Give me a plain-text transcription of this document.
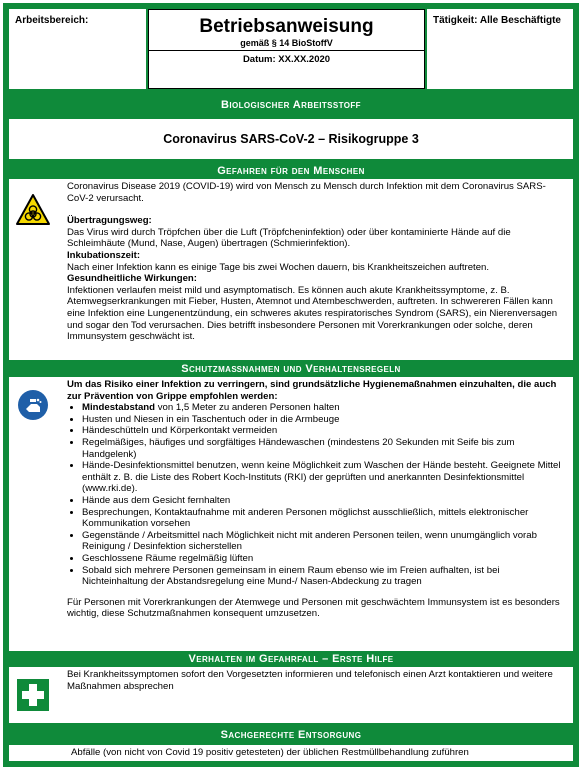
Arbeitsbereich:	Betriebsanweisung
gemäß § 14 BioStoffV
Datum: XX.XX.2020
Tätigkeit: Alle Beschäftigte
Biologischer Arbeitsstoff
Coronavirus SARS-CoV-2 – Risikogruppe 3
Gefahren für den Menschen
Coronavirus Disease 2019 (COVID-19) wird von Mensch zu Mensch durch Infektion mit dem Coronavirus SARS-CoV-2 verursacht.
Übertragungsweg:
Das Virus wird durch Tröpfchen über die Luft (Tröpfcheninfektion) oder über kontaminierte Hände auf die Schleimhäute (Mund, Nase, Augen) übertragen (Schmierinfektion).
Inkubationszeit:
Nach einer Infektion kann es einige Tage bis zwei Wochen dauern, bis Krankheitszeichen auftreten.
Gesundheitliche Wirkungen:
Infektionen verlaufen meist mild und asymptomatisch. Es können auch akute Krankheitssymptome, z. B. Atemwegserkrankungen mit Fieber, Husten, Atemnot und Atembeschwerden, auftreten. In schwereren Fällen kann eine Infektion eine Lungenentzündung, ein schweres akutes respiratorisches Syndrom (SARS), ein Nierenversagen und sogar den Tod verursachen. Dies betrifft insbesondere Personen mit Vorerkrankungen oder solche, deren Immunsystem geschwächt ist.
Schutzmaßnahmen und Verhaltensregeln
Um das Risiko einer Infektion zu verringern, sind grundsätzliche Hygienemaßnahmen einzuhalten, die auch zur Prävention von Grippe empfohlen werden:
• Mindestabstand von 1,5 Meter zu anderen Personen halten
• Husten und Niesen in ein Taschentuch oder in die Armbeuge
• Händeschütteln und Körperkontakt vermeiden
• Regelmäßiges, häufiges und sorgfältiges Händewaschen (mindestens 20 Sekunden mit Seife bis zum Handgelenk)
• Hände-Desinfektionsmittel benutzen, wenn keine Möglichkeit zum Waschen der Hände besteht. Geeignete Mittel enthält z. B. die Liste des Robert Koch-Instituts (RKI) der geprüften und anerkannten Desinfektionsmittel (www.rki.de).
• Hände aus dem Gesicht fernhalten
• Besprechungen, Kontaktaufnahme mit anderen Personen möglichst ausschließlich, mittels elektronischer Kommunikation vorsehen
• Gegenstände / Arbeitsmittel nach Möglichkeit nicht mit anderen Personen teilen, wenn unumgänglich vorab Reinigung / Desinfektion sicherstellen
• Geschlossene Räume regelmäßig lüften
• Sobald sich mehrere Personen gemeinsam in einem Raum ebenso wie im Freien aufhalten, ist bei Nichteinhaltung der Abstandsregelung eine Mund-/ Nasen-Abdeckung zu tragen
Für Personen mit Vorerkrankungen der Atemwege und Personen mit geschwächtem Immunsystem ist es besonders wichtig, diese Schutzmaßnahmen konsequent umzusetzen.
Verhalten im Gefahrfall – Erste Hilfe
Bei Krankheitssymptomen sofort den Vorgesetzten informieren und telefonisch einen Arzt kontaktieren und weitere Maßnahmen absprechen
Sachgerechte Entsorgung
Abfälle (von nicht von Covid 19 positiv getesteten) der üblichen Restmüllbehandlung zuführen
